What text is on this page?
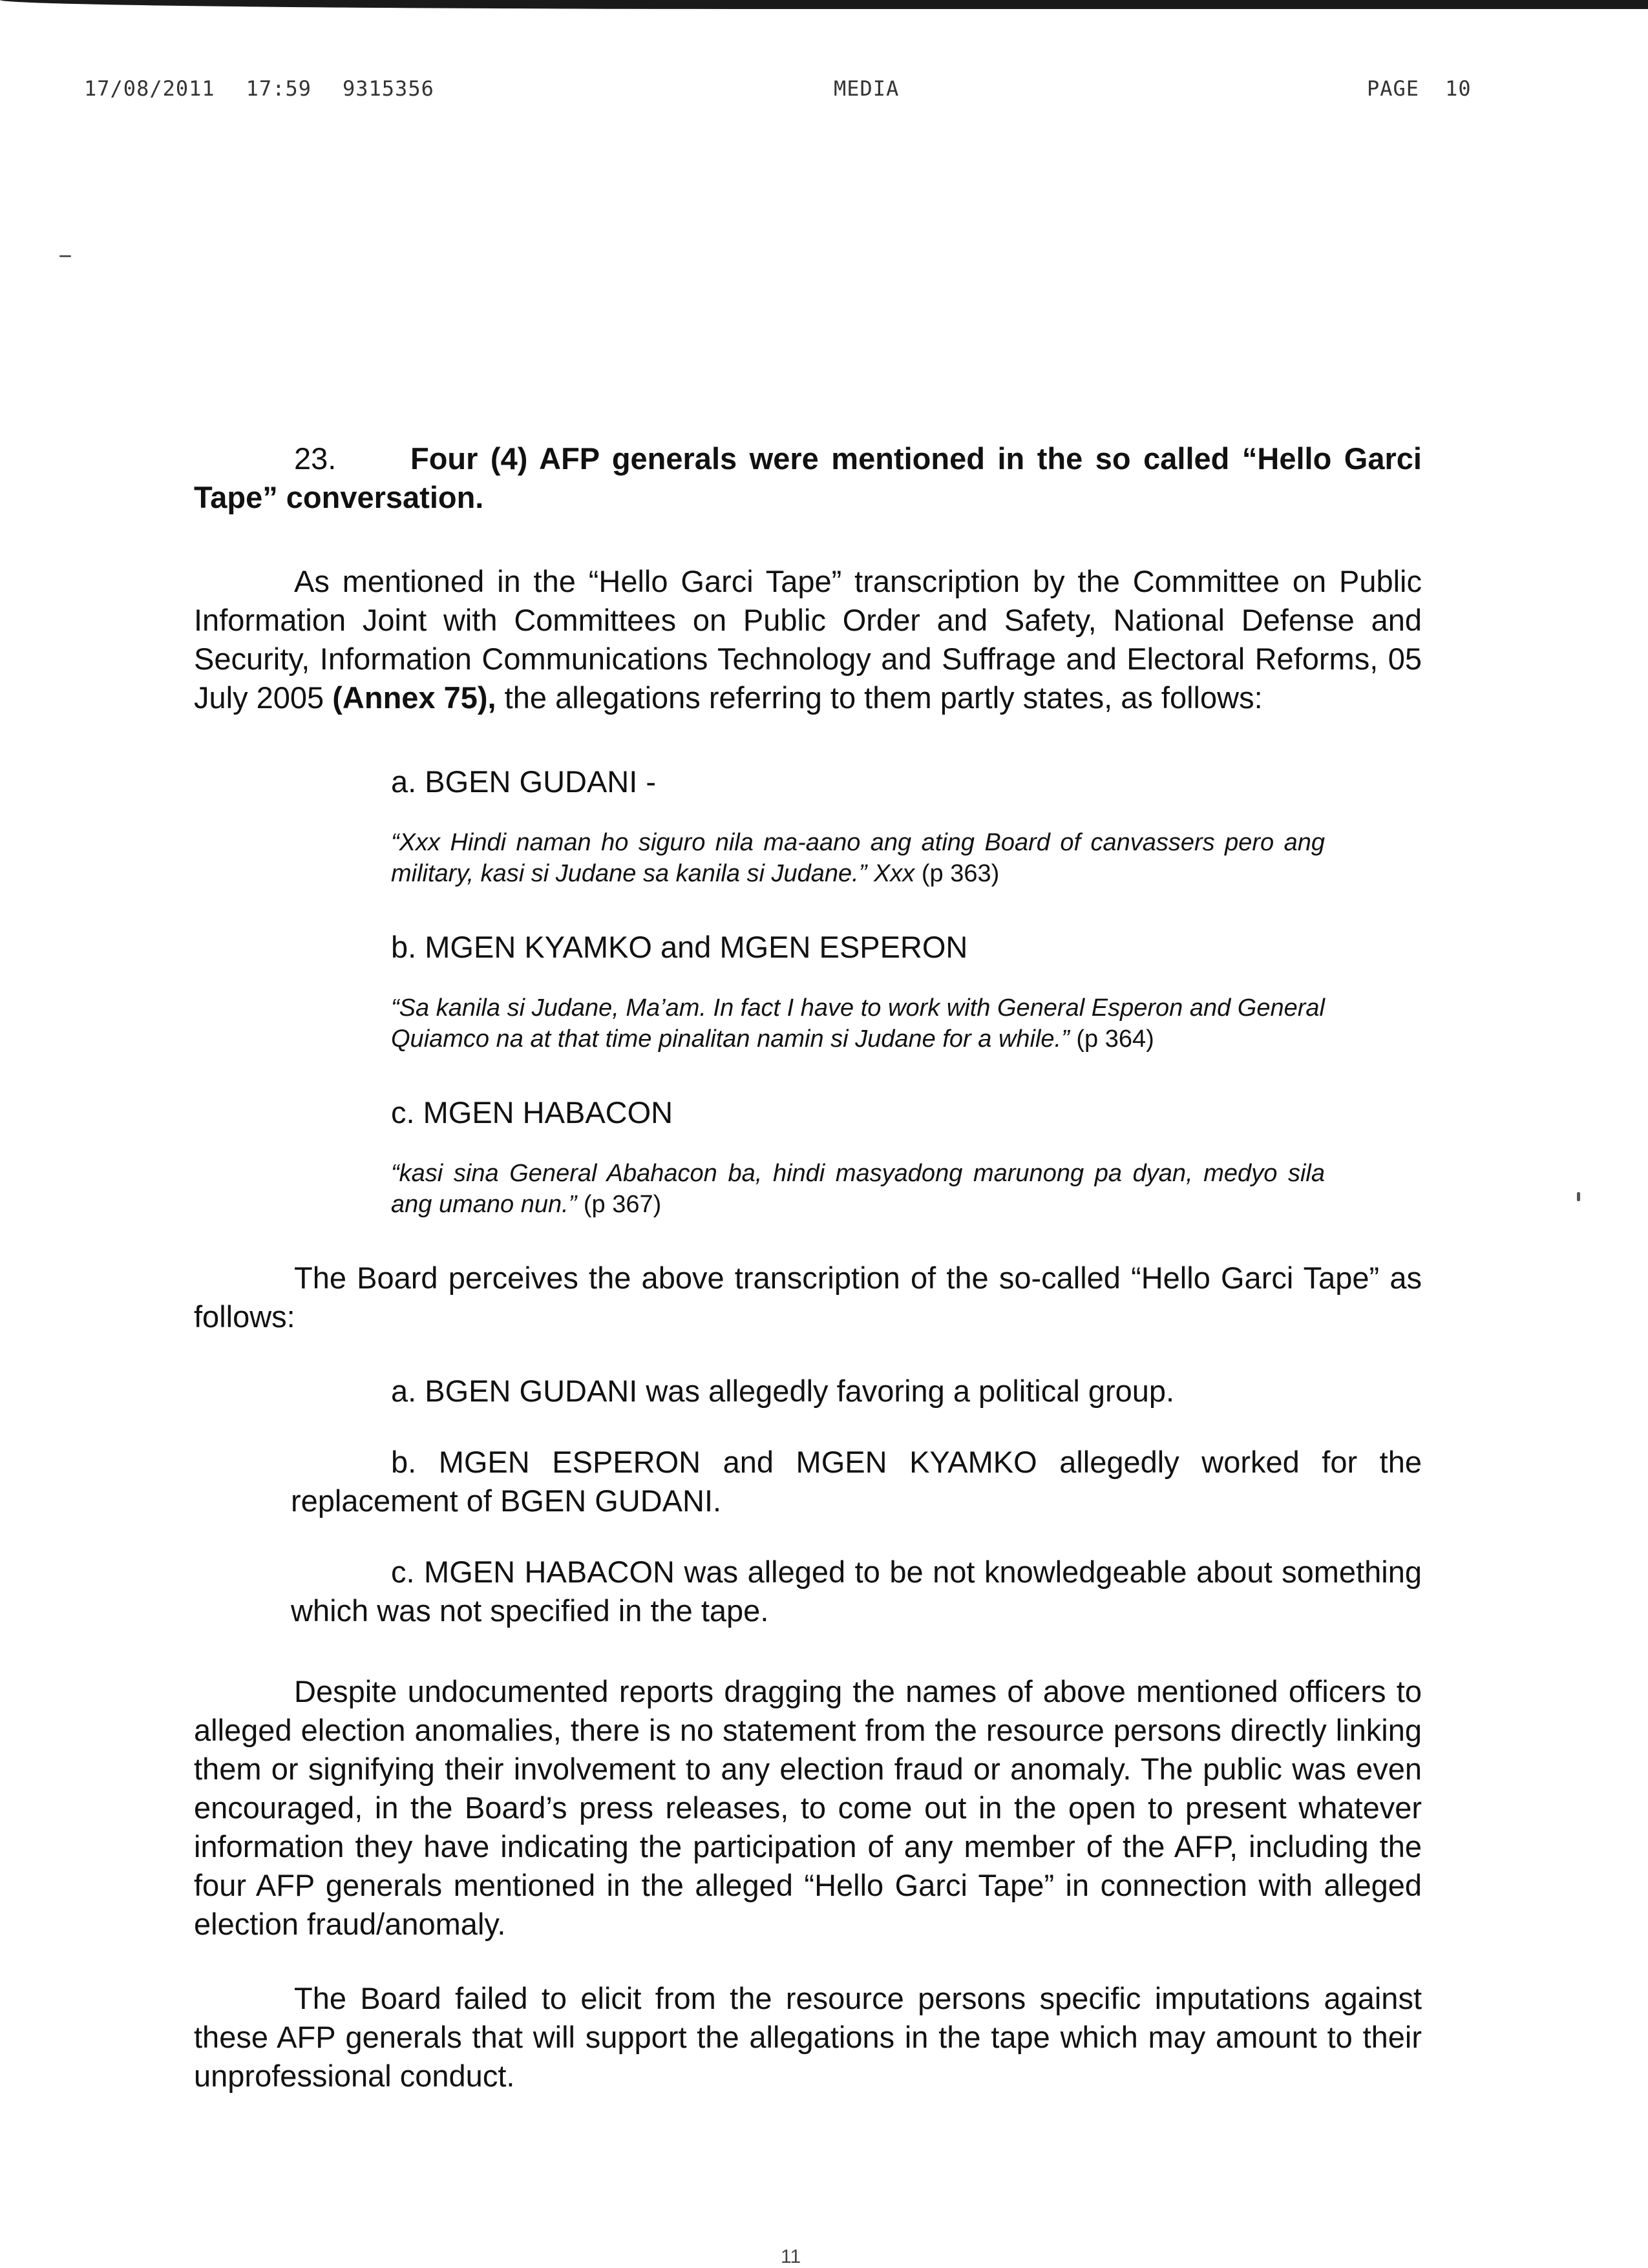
17/08/2011 17:59 9315356	MEDIA	PAGE 10

23. Four (4) AFP generals were mentioned in the so called “Hello Garci Tape” conversation.

As mentioned in the “Hello Garci Tape” transcription by the Committee on Public Information Joint with Committees on Public Order and Safety, National Defense and Security, Information Communications Technology and Suffrage and Electoral Reforms, 05 July 2005 (Annex 75), the allegations referring to them partly states, as follows:

a. BGEN GUDANI -

“Xxx Hindi naman ho siguro nila ma-aano ang ating Board of canvassers pero ang military, kasi si Judane sa kanila si Judane.” Xxx (p 363)

b. MGEN KYAMKO and MGEN ESPERON

“Sa kanila si Judane, Ma’am. In fact I have to work with General Esperon and General Quiamco na at that time pinalitan namin si Judane for a while.” (p 364)

c. MGEN HABACON

“kasi sina General Abahacon ba, hindi masyadong marunong pa dyan, medyo sila ang umano nun.” (p 367)

The Board perceives the above transcription of the so-called “Hello Garci Tape” as follows:

a. BGEN GUDANI was allegedly favoring a political group.

b. MGEN ESPERON and MGEN KYAMKO allegedly worked for the replacement of BGEN GUDANI.

c. MGEN HABACON was alleged to be not knowledgeable about something which was not specified in the tape.

Despite undocumented reports dragging the names of above mentioned officers to alleged election anomalies, there is no statement from the resource persons directly linking them or signifying their involvement to any election fraud or anomaly. The public was even encouraged, in the Board’s press releases, to come out in the open to present whatever information they have indicating the participation of any member of the AFP, including the four AFP generals mentioned in the alleged “Hello Garci Tape” in connection with alleged election fraud/anomaly.

The Board failed to elicit from the resource persons specific imputations against these AFP generals that will support the allegations in the tape which may amount to their unprofessional conduct.

11
